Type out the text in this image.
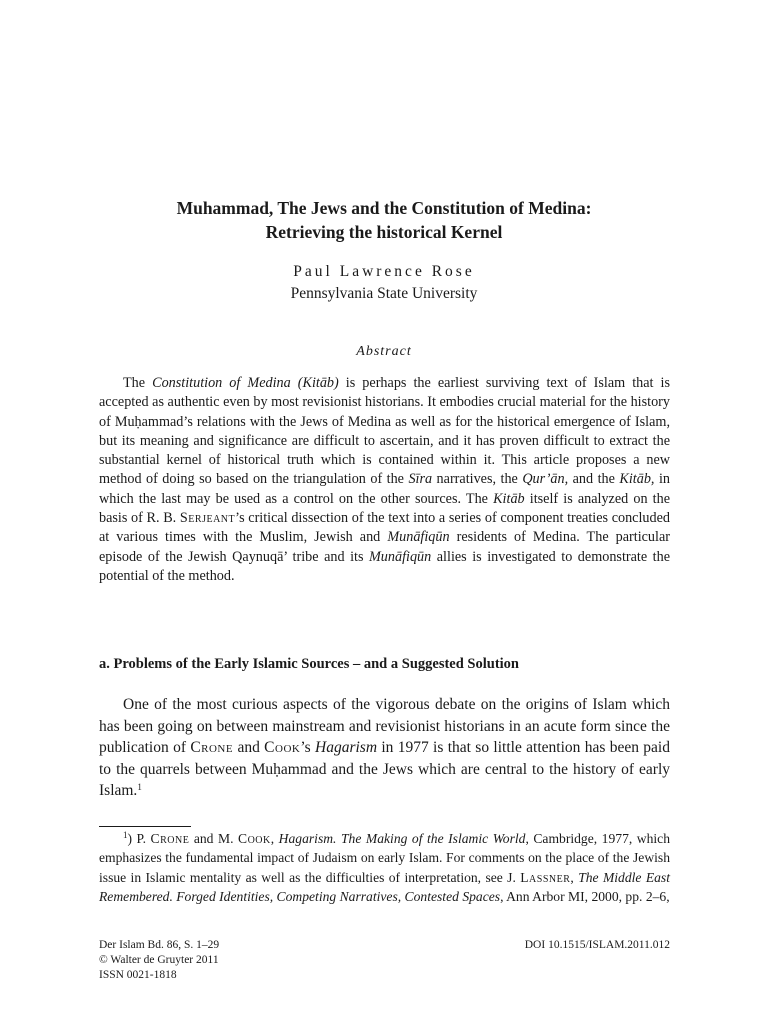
Muhammad, The Jews and the Constitution of Medina:
Retrieving the historical Kernel
Paul Lawrence Rose
Pennsylvania State University
Abstract
The Constitution of Medina (Kitāb) is perhaps the earliest surviving text of Islam that is accepted as authentic even by most revisionist historians. It embodies crucial material for the history of Muḥammad’s relations with the Jews of Medina as well as for the historical emergence of Islam, but its meaning and significance are difficult to ascertain, and it has proven difficult to extract the substantial kernel of historical truth which is contained within it. This article proposes a new method of doing so based on the triangulation of the Sīra narratives, the Qur’ān, and the Kitāb, in which the last may be used as a control on the other sources. The Kitāb itself is analyzed on the basis of R. B. Serjeant’s critical dissection of the text into a series of component treaties concluded at various times with the Muslim, Jewish and Munāfiqūn residents of Medina. The particular episode of the Jewish Qaynuqā’ tribe and its Munāfiqūn allies is investigated to demonstrate the potential of the method.
a. Problems of the Early Islamic Sources – and a Suggested Solution
One of the most curious aspects of the vigorous debate on the origins of Islam which has been going on between mainstream and revisionist historians in an acute form since the publication of Crone and Cook’s Hagarism in 1977 is that so little attention has been paid to the quarrels between Muḥammad and the Jews which are central to the history of early Islam.$^1$
$^1$) P. Crone and M. Cook, Hagarism. The Making of the Islamic World, Cambridge, 1977, which emphasizes the fundamental impact of Judaism on early Islam. For comments on the place of the Jewish issue in Islamic mentality as well as the difficulties of interpretation, see J. Lassner, The Middle East Remembered. Forged Identities, Competing Narratives, Contested Spaces, Ann Arbor MI, 2000, pp. 2–6,
Der Islam Bd. 86, S. 1–29
© Walter de Gruyter 2011
ISSN 0021-1818
DOI 10.1515/ISLAM.2011.012
